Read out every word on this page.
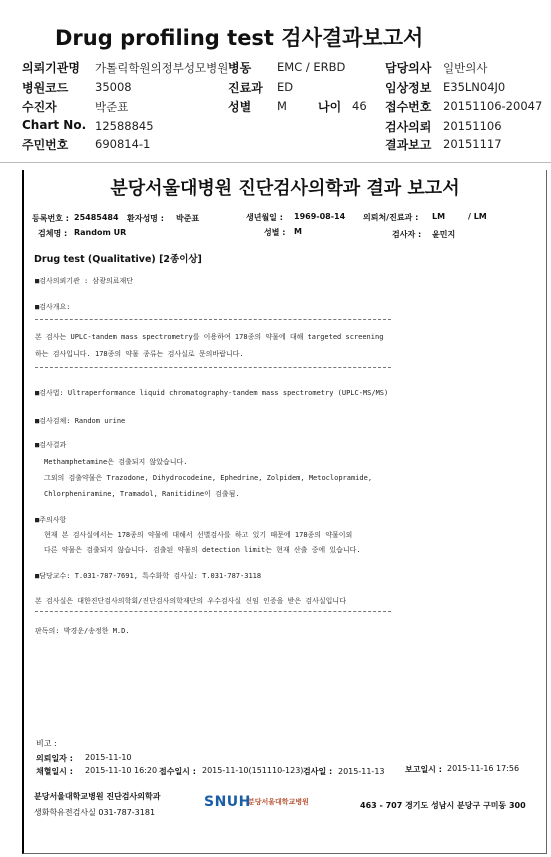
Drug profiling test 검사결과보고서
의뢰기관명 가톨릭학원의정부성모병원 병동 EMC / ERBD	담당의사 일반의사
병원코드 35008	진료과 ED	임상정보 E35LN04J0
수진자	박준표	성별 M	나이 46 접수번호 20151106-20047
Chart No. 12588845	검사의뢰 20151106
주민번호 690814-1	결과보고 20151117
분당서울대병원 진단검사의학과 결과 보고서
등록번호 : 25485484 환자성명 : 박준표	생년월일 : 1969-08-14 의뢰처/진료과 : LM	/ LM
검체명 : Random UR	성별 : M	검사자 : 윤민지
Drug test (Qualitative) [2종이상]
■검사의뢰기관 : 삼광의료재단
■검사개요:
본 검사는 UPLC-tandem mass spectrometry를 이용하여 178종의 약물에 대해 targeted screening
하는 검사입니다. 178종의 약물 종류는 검사실로 문의바랍니다.
■검사법: Ultraperformance liquid chromatography-tandem mass spectrometry (UPLC-MS/MS)
■검사검체: Random urine
■검사결과
Methamphetamine은 검출되지 않았습니다.
그외의 검출약물은 Trazodone, Dihydrocodeine, Ephedrine, Zolpidem, Metoclopramide,
Chlorpheniramine, Tramadol, Ranitidine이 검출됨.
■주의사항
현재 본 검사실에서는 178종의 약물에 대해서 선별검사를 하고 있기 때문에 178종의 약물이외
다른 약물은 검출되지 않습니다. 검출된 약물의 detection limit는 현재 산출 중에 있습니다.
■담당교수: T.031-787-7691, 특수화학 검사실: T.031-787-3118
본 검사실은 대한진단검사의학회/진단검사의학재단의 우수검사실 신임 인증을 받은 검사실입니다
판독의: 박경운/송정한 M.D.
비고 :
의뢰일자 : 2015-11-10
채혈일시 : 2015-11-10 16:20 접수일시 : 2015-11-10(151110-123) 검사일 : 2015-11-13	보고일시 : 2015-11-16 17:56
분당서울대학교병원 진단검사의학과
생화학유전검사실 031-787-3181
SNUH
분당서울대학교병원	463 - 707 경기도 성남시 분당구 구미동 300
